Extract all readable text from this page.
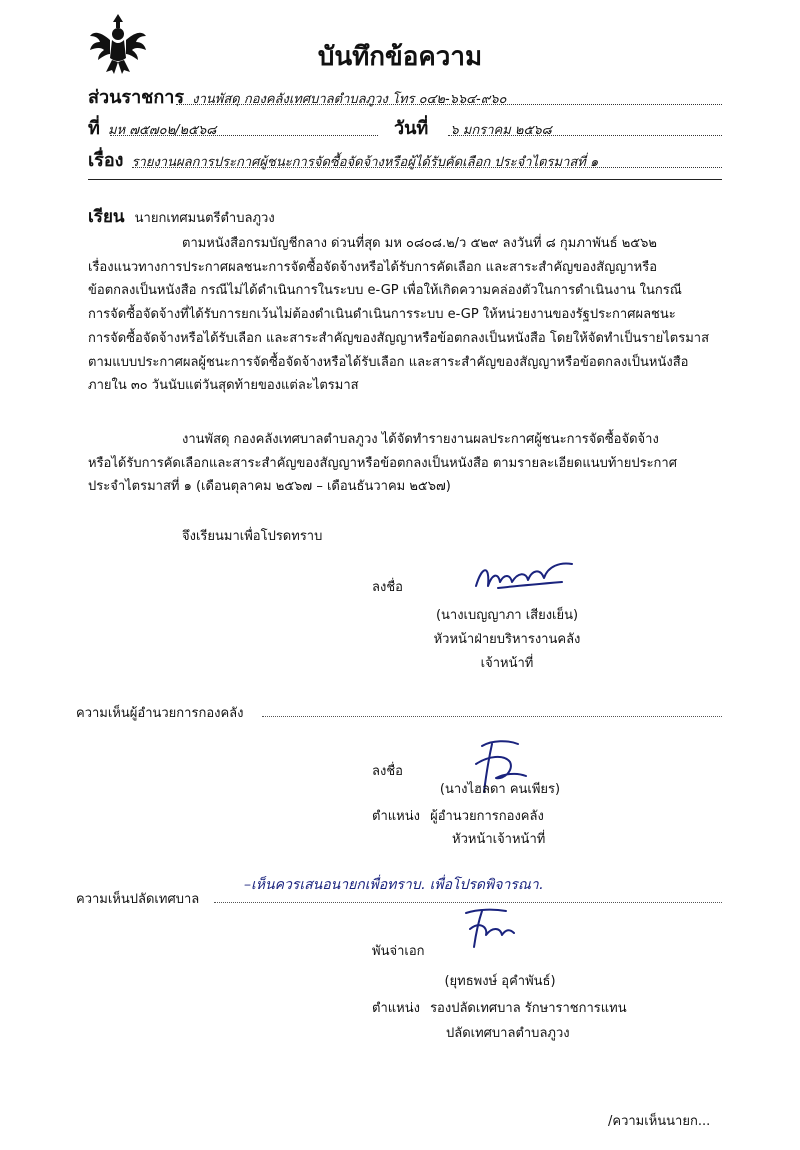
บันทึกข้อความ
ส่วนราชการ งานพัสดุ กองคลังเทศบาลตำบลภูวง โทร ๐๔๒-๖๖๔-๙๖๐
ที่ มห ๗๕๗๐๒/๒๕๖๘	วันที่ ๖ มกราคม ๒๕๖๘
เรื่อง รายงานผลการประกาศผู้ชนะการจัดซื้อจัดจ้างหรือผู้ได้รับคัดเลือก ประจำไตรมาสที่ ๑
เรียน นายกเทศมนตรีตำบลภูวง
ตามหนังสือกรมบัญชีกลาง ด่วนที่สุด มห ๐๘๐๘.๒/ว ๕๒๙ ลงวันที่ ๘ กุมภาพันธ์ ๒๕๖๒
เรื่องแนวทางการประกาศผลชนะการจัดซื้อจัดจ้างหรือได้รับการคัดเลือก และสาระสำคัญของสัญญาหรือ
ข้อตกลงเป็นหนังสือ กรณีไม่ได้ดำเนินการในระบบ e-GP เพื่อให้เกิดความคล่องตัวในการดำเนินงาน ในกรณี
การจัดซื้อจัดจ้างที่ได้รับการยกเว้นไม่ต้องดำเนินดำเนินการระบบ e-GP ให้หน่วยงานของรัฐประกาศผลชนะ
การจัดซื้อจัดจ้างหรือได้รับเลือก และสาระสำคัญของสัญญาหรือข้อตกลงเป็นหนังสือ โดยให้จัดทำเป็นรายไตรมาส
ตามแบบประกาศผลผู้ชนะการจัดซื้อจัดจ้างหรือได้รับเลือก และสาระสำคัญของสัญญาหรือข้อตกลงเป็นหนังสือ
ภายใน ๓๐ วันนับแต่วันสุดท้ายของแต่ละไตรมาส
งานพัสดุ กองคลังเทศบาลตำบลภูวง ได้จัดทำรายงานผลประกาศผู้ชนะการจัดซื้อจัดจ้าง
หรือได้รับการคัดเลือกและสาระสำคัญของสัญญาหรือข้อตกลงเป็นหนังสือ ตามรายละเอียดแนบท้ายประกาศ
ประจำไตรมาสที่ ๑ (เดือนตุลาคม ๒๕๖๗ – เดือนธันวาคม ๒๕๖๗)
จึงเรียนมาเพื่อโปรดทราบ
ลงชื่อ
(นางเบญญาภา เสียงเย็น)
หัวหน้าฝ่ายบริหารงานคลัง
เจ้าหน้าที่
ความเห็นผู้อำนวยการกองคลัง
ลงชื่อ
(นางไฮลดา คนเพียร)
ตำแหน่ง ผู้อำนวยการกองคลัง
หัวหน้าเจ้าหน้าที่
ความเห็นปลัดเทศบาล
–เห็นควรเสนอนายกเพื่อทราบ. เพื่อโปรดพิจารณา.
พันจ่าเอก
(ยุทธพงษ์ อุคำพันธ์)
ตำแหน่ง รองปลัดเทศบาล รักษาราชการแทน
ปลัดเทศบาลตำบลภูวง
/ความเห็นนายก...
